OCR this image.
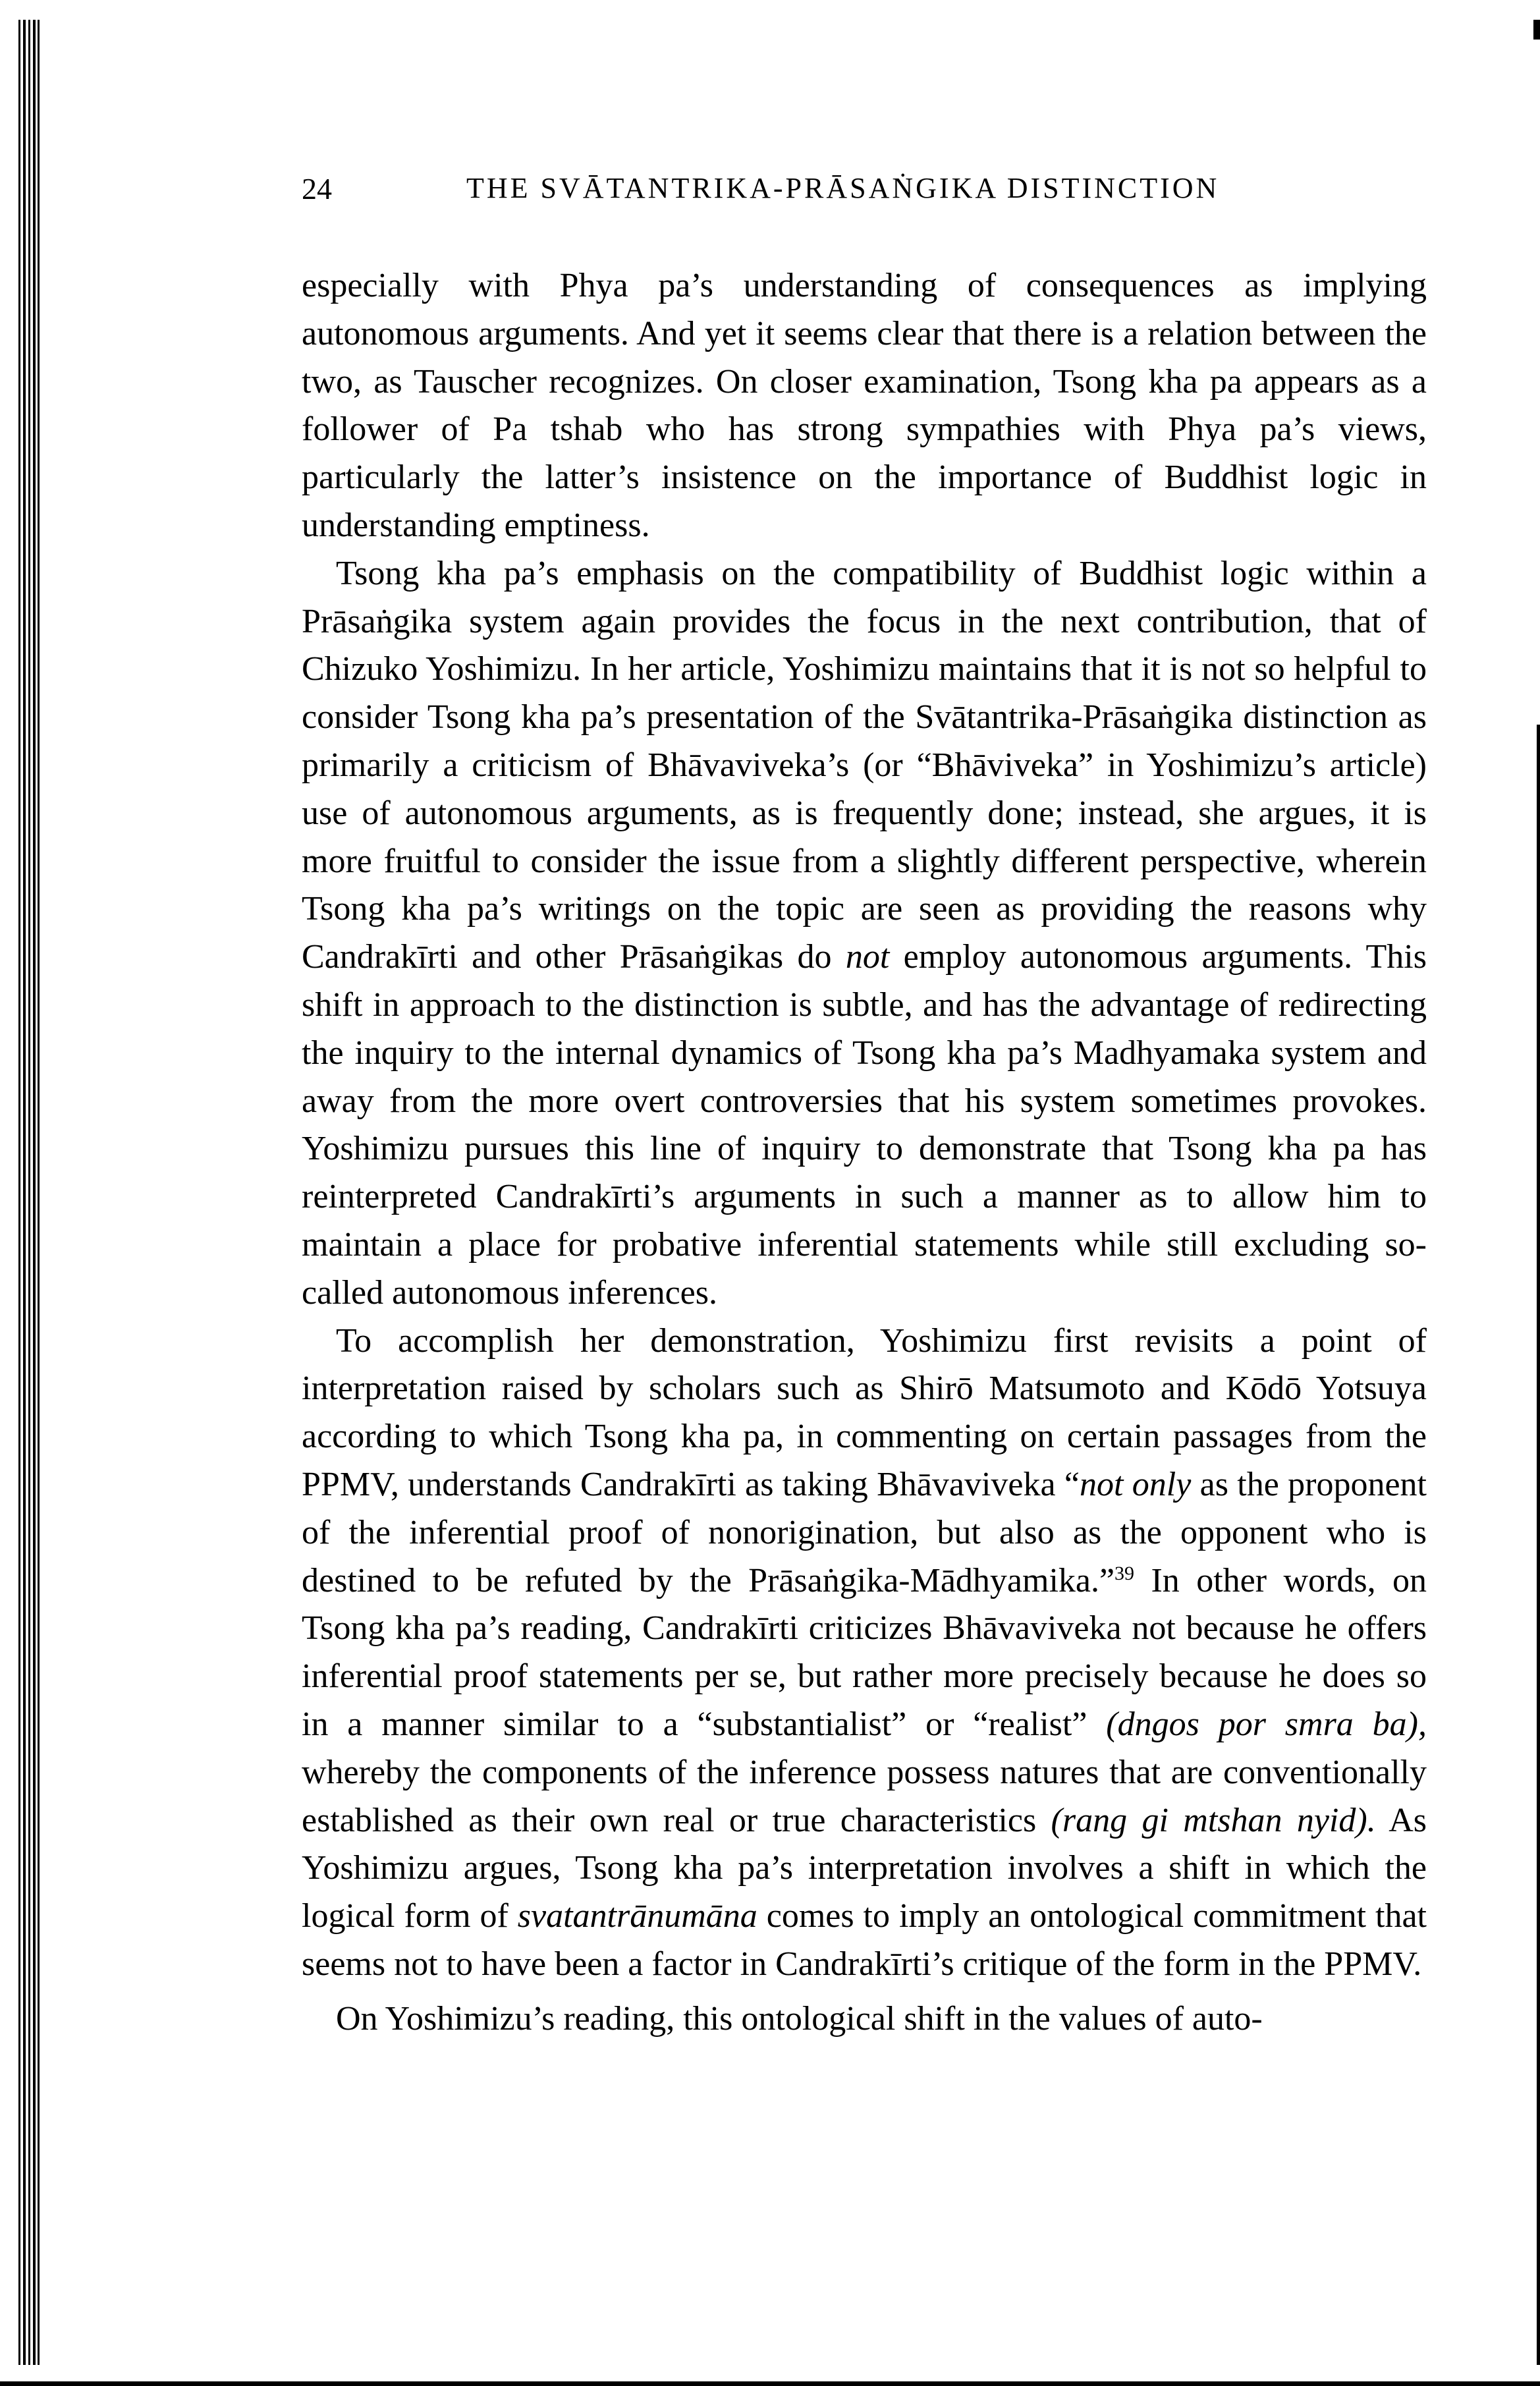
24	THE SVĀTANTRIKA-PRĀSAṄGIKA DISTINCTION

especially with Phya pa’s understanding of consequences as implying autonomous arguments. And yet it seems clear that there is a relation between the two, as Tauscher recognizes. On closer examination, Tsong kha pa appears as a follower of Pa tshab who has strong sympathies with Phya pa’s views, particularly the latter’s insistence on the importance of Buddhist logic in understanding emptiness.

Tsong kha pa’s emphasis on the compatibility of Buddhist logic within a Prāsaṅgika system again provides the focus in the next contribution, that of Chizuko Yoshimizu. In her article, Yoshimizu maintains that it is not so helpful to consider Tsong kha pa’s presentation of the Svātantrika-Prāsaṅgika distinction as primarily a criticism of Bhāvaviveka’s (or “Bhāviveka” in Yoshimizu’s article) use of autonomous arguments, as is frequently done; instead, she argues, it is more fruitful to consider the issue from a slightly different perspective, wherein Tsong kha pa’s writings on the topic are seen as providing the reasons why Candrakīrti and other Prāsaṅgikas do not employ autonomous arguments. This shift in approach to the distinction is subtle, and has the advantage of redirecting the inquiry to the internal dynamics of Tsong kha pa’s Madhyamaka system and away from the more overt controversies that his system sometimes provokes. Yoshimizu pursues this line of inquiry to demonstrate that Tsong kha pa has reinterpreted Candrakīrti’s arguments in such a manner as to allow him to maintain a place for probative inferential statements while still excluding so-called autonomous inferences.

To accomplish her demonstration, Yoshimizu first revisits a point of interpretation raised by scholars such as Shirō Matsumoto and Kōdō Yotsuya according to which Tsong kha pa, in commenting on certain passages from the PPMV, understands Candrakīrti as taking Bhāvaviveka “not only as the proponent of the inferential proof of nonorigination, but also as the opponent who is destined to be refuted by the Prāsaṅgika-Mādhyamika.”$^{39}$ In other words, on Tsong kha pa’s reading, Candrakīrti criticizes Bhāvaviveka not because he offers inferential proof statements per se, but rather more precisely because he does so in a manner similar to a “substantialist” or “realist” (dngos por smra ba), whereby the components of the inference possess natures that are conventionally established as their own real or true characteristics (rang gi mtshan nyid). As Yoshimizu argues, Tsong kha pa’s interpretation involves a shift in which the logical form of svatantrānumāna comes to imply an ontological commitment that seems not to have been a factor in Candrakīrti’s critique of the form in the PPMV.

On Yoshimizu’s reading, this ontological shift in the values of auto-
